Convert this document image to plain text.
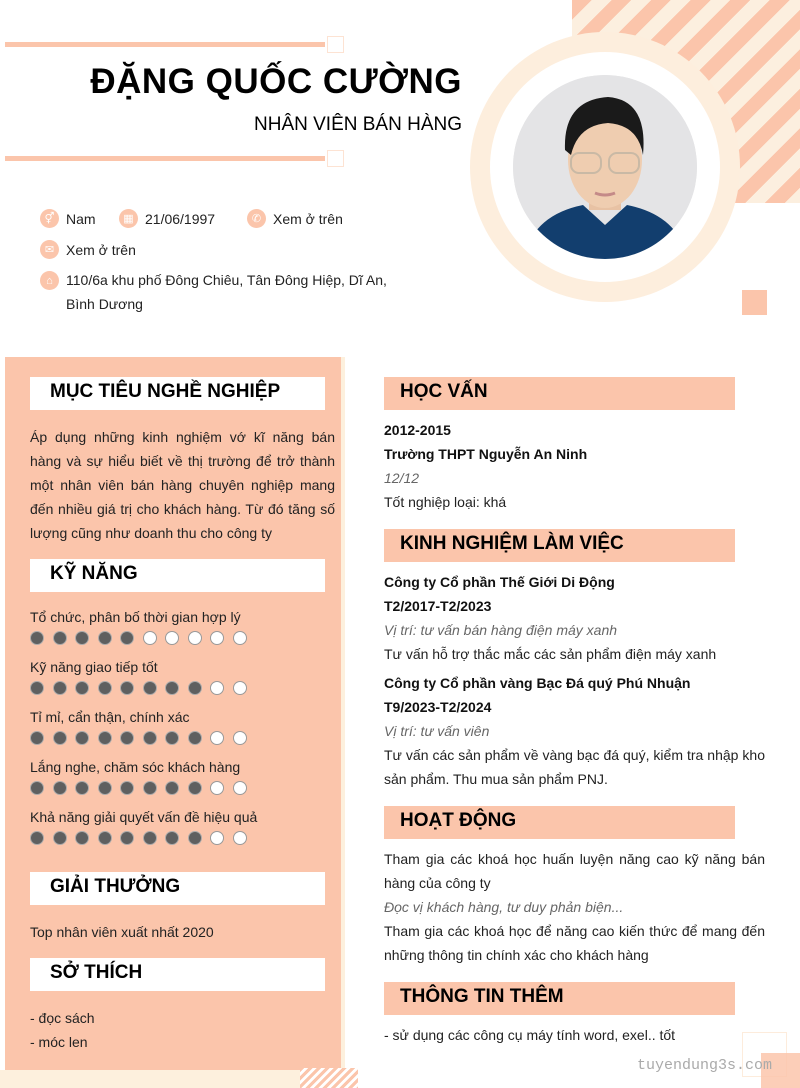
ĐẶNG QUỐC CƯỜNG
NHÂN VIÊN BÁN HÀNG
⚥ Nam	▦ 21/06/1997	✆ Xem ở trên
✉ Xem ở trên
⌂ 110/6a khu phố Đông Chiêu, Tân Đông Hiệp, Dĩ An,
Bình Dương
MỤC TIÊU NGHỀ NGHIỆP
Áp dụng những kinh nghiệm vớ kĩ năng bán hàng và sự hiểu biết về thị trường để trở thành một nhân viên bán hàng chuyên nghiệp mang đến nhiều giá trị cho khách hàng. Từ đó tăng số lượng cũng như doanh thu cho công ty
KỸ NĂNG
Tổ chức, phân bố thời gian hợp lý
Kỹ năng giao tiếp tốt
Tỉ mỉ, cẩn thận, chính xác
Lắng nghe, chăm sóc khách hàng
Khả năng giải quyết vấn đề hiệu quả
GIẢI THƯỞNG
Top nhân viên xuất nhất 2020
SỞ THÍCH
- đọc sách
- móc len
HỌC VẤN
2012-2015
Trường THPT Nguyễn An Ninh
12/12
Tốt nghiệp loại: khá
KINH NGHIỆM LÀM VIỆC
Công ty Cổ phần Thế Giới Di Động
T2/2017-T2/2023
Vị trí: tư vấn bán hàng điện máy xanh
Tư vấn hỗ trợ thắc mắc các sản phẩm điện máy xanh
Công ty Cổ phần vàng Bạc Đá quý Phú Nhuận
T9/2023-T2/2024
Vị trí: tư vấn viên
Tư vấn các sản phẩm về vàng bạc đá quý, kiểm tra nhập kho sản phẩm. Thu mua sản phẩm PNJ.
HOẠT ĐỘNG
Tham gia các khoá học huấn luyện năng cao kỹ năng bán hàng của công ty
Đọc vị khách hàng, tư duy phản biện...
Tham gia các khoá học để năng cao kiến thức để mang đến những thông tin chính xác cho khách hàng
THÔNG TIN THÊM
- sử dụng các công cụ máy tính word, exel.. tốt
tuyendung3s.com
